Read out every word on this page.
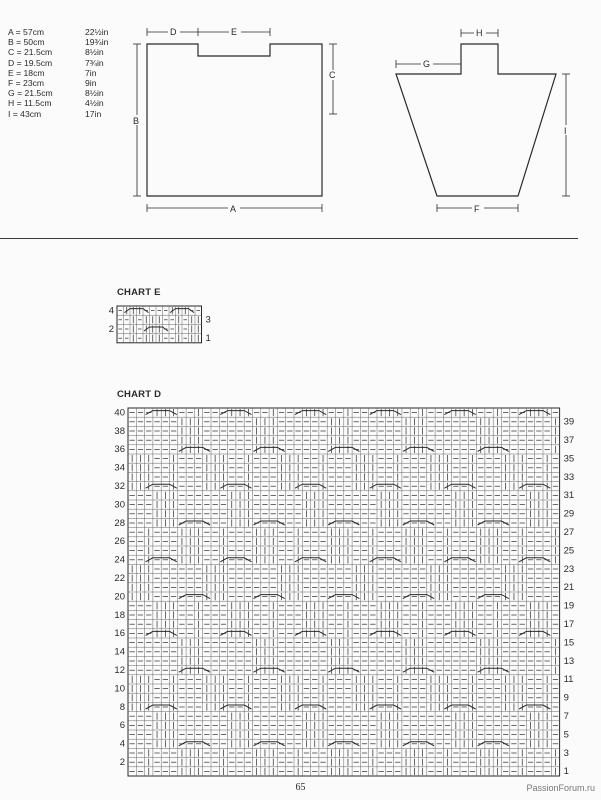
A = 57cm	22½in
B = 50cm	19¾in
C = 21.5cm	8½in
D = 19.5cm	7¾in
E = 18cm	7in
F = 23cm	9in
G = 21.5cm	8½in
H = 11.5cm	4½in
I = 43cm	17in
D	E
C
B
A
H
G
I
F
CHART E
4
2
3
1
CHART D
40
38
36
34
32
30
28
26
24
22
20
18
16
14
12
10
8
6
4
2
39
37
35
33
31
29
27
25
23
21
19
17
15
13
11
9
7
5
3
1
65	PassionForum.ru
